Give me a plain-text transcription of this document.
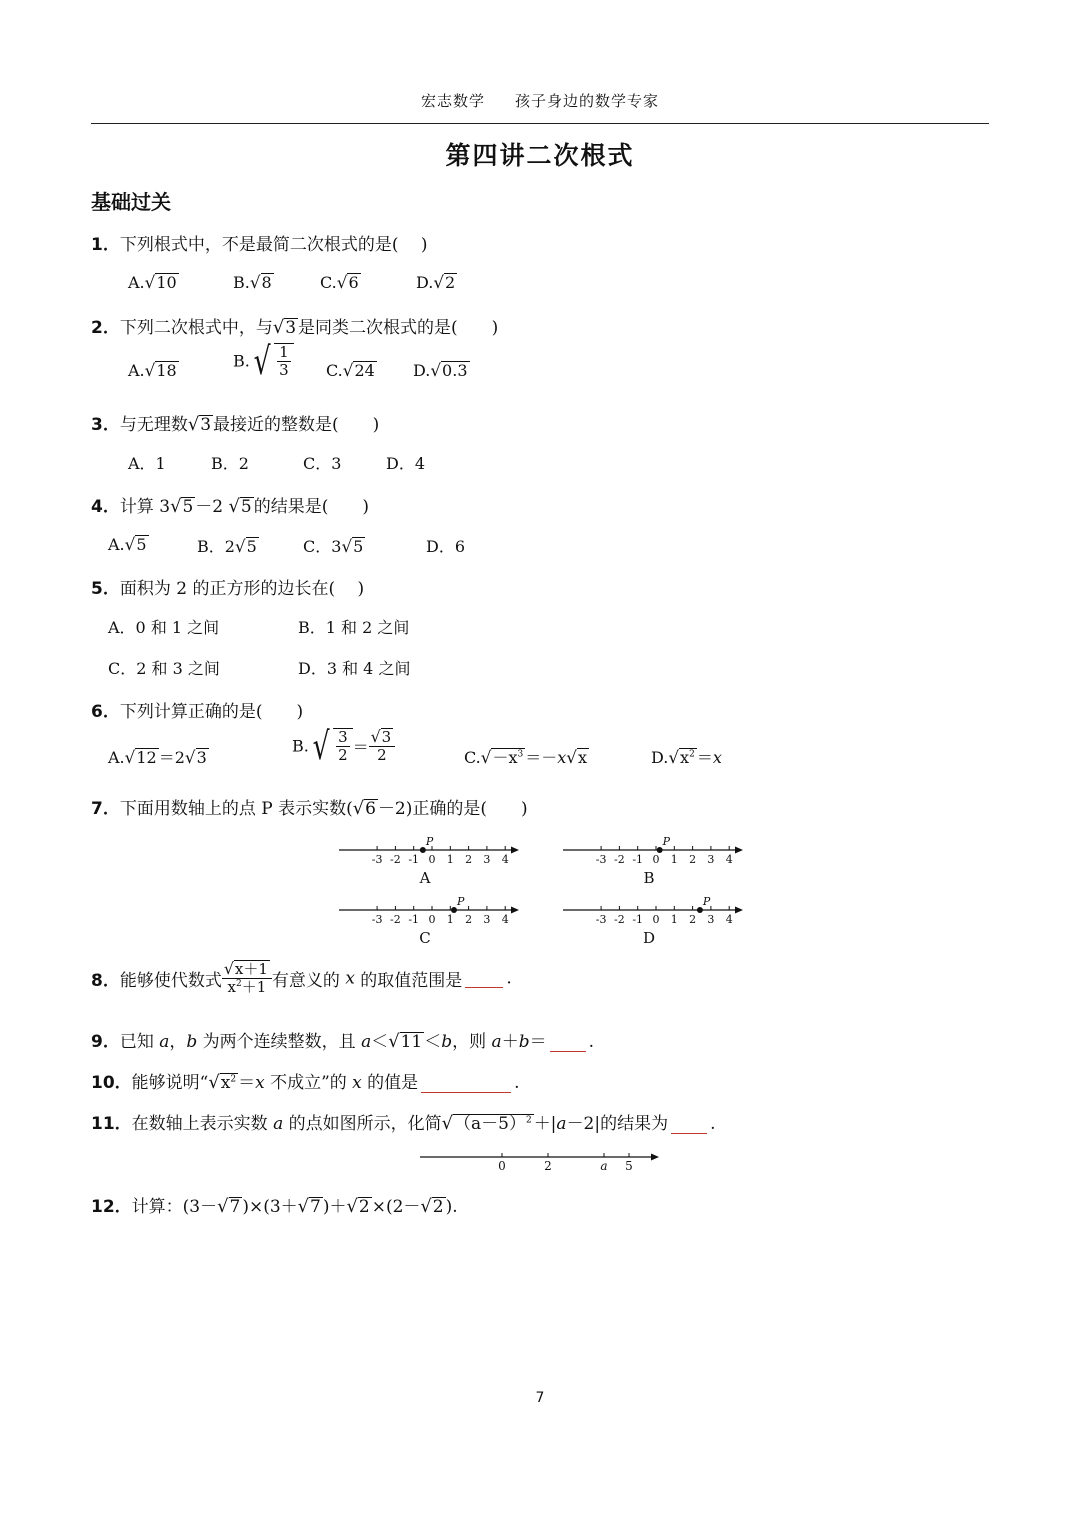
宏志数学 孩子身边的数学专家
第四讲二次根式
基础过关
1．下列根式中，不是最简二次根式的是(　 )
A.√10	B.√8	C.√6	D.√2
2．下列二次根式中，与√3 是同类二次根式的是(　　)
A.√18	$B.√ \frac{1}{3} C.√24$ D.√0.3
3．与无理数√3 最接近的整数是(　　)
A．1	B．2	C．3	D．4
4．计算 3√5 －2 √5 的结果是(　　)
A.√5	B．2√5	C．3√5	D．6
5．面积为 2 的正方形的边长在(　 )
A．0 和 1 之间	B．1 和 2 之间
C．2 和 3 之间	D．3 和 4 之间
6．下列计算正确的是(　　)
A.√12 ＝2√3
$B.√ \frac{3}{2} = \frac{√3}{2}$	$C.√-x^3 =-x√x$	$D.√x^2 =x$
7．下面用数轴上的点 P 表示实数(√6 －2)正确的是(　　)
-3 -2 -1 0 1 2 3 4
P
A
-3 -2 -1 0 1 2 3 4
P
B
-3 -2 -1 0 1 2 3 4
P
C
-3 -2 -1 0 1 2 3 4
P
D
8．能够使代数式 $\frac{√x+1}{x^2+1}$ 有意义的 x 的取值范围是	.
9．已知 a，b 为两个连续整数，且 a＜√11 ＜b，则 a＋b＝ .
10．能够说明“$√x^2 =x$ 不成立”的 x 的值是	.
11．在数轴上表示实数 a 的点如图所示，化简$√(a-5)^2 +|a-2|$的结果为 .
0	2	a 5
12．计算：(3－√7 )×(3＋√7 )＋√2 ×(2－√2 ).
7
